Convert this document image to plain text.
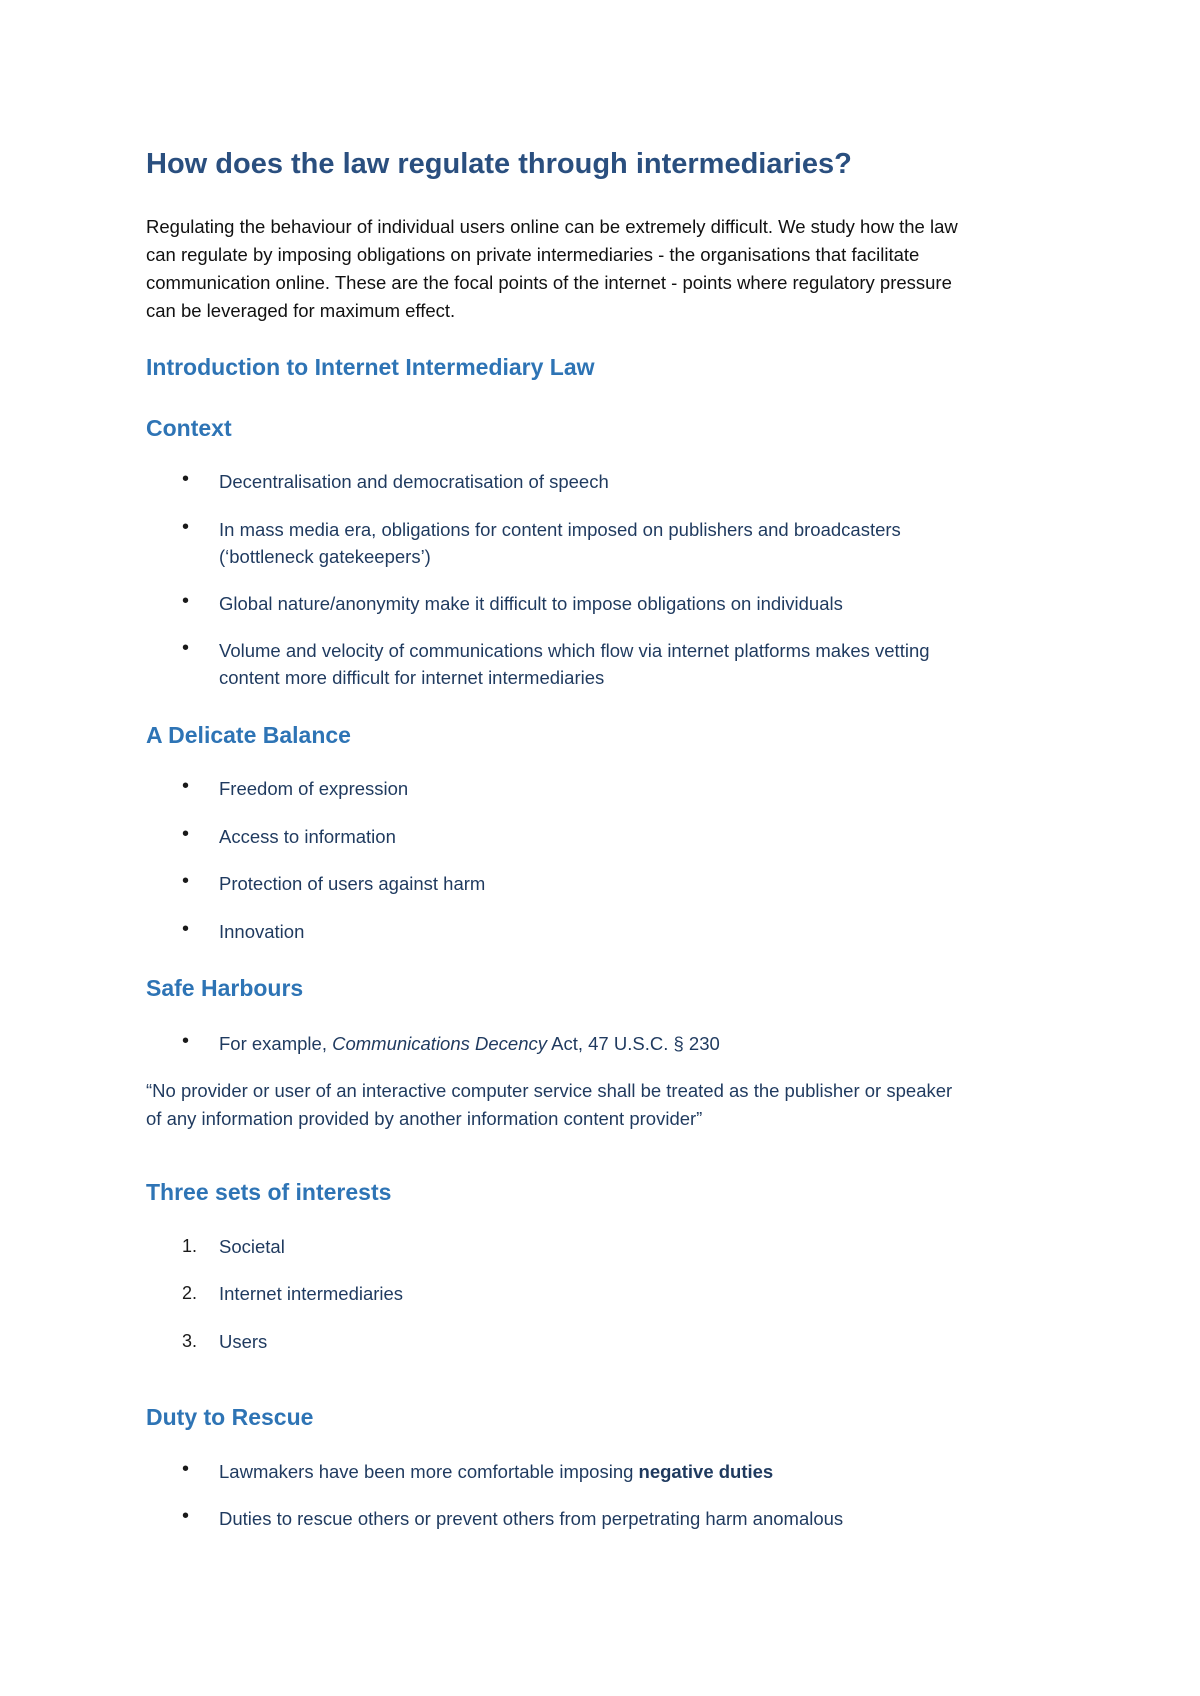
How does the law regulate through intermediaries?
Regulating the behaviour of individual users online can be extremely difficult. We study how the law
can regulate by imposing obligations on private intermediaries - the organisations that facilitate
communication online. These are the focal points of the internet - points where regulatory pressure
can be leveraged for maximum effect.
Introduction to Internet Intermediary Law
Context
• Decentralisation and democratisation of speech
• In mass media era, obligations for content imposed on publishers and broadcasters
(‘bottleneck gatekeepers’)
• Global nature/anonymity make it difficult to impose obligations on individuals
• Volume and velocity of communications which flow via internet platforms makes vetting
content more difficult for internet intermediaries
A Delicate Balance
• Freedom of expression
• Access to information
• Protection of users against harm
• Innovation
Safe Harbours
• For example, Communications Decency Act, 47 U.S.C. § 230
“No provider or user of an interactive computer service shall be treated as the publisher or speaker
of any information provided by another information content provider”
Three sets of interests
1. Societal
2. Internet intermediaries
3. Users
Duty to Rescue
• Lawmakers have been more comfortable imposing negative duties
• Duties to rescue others or prevent others from perpetrating harm anomalous
